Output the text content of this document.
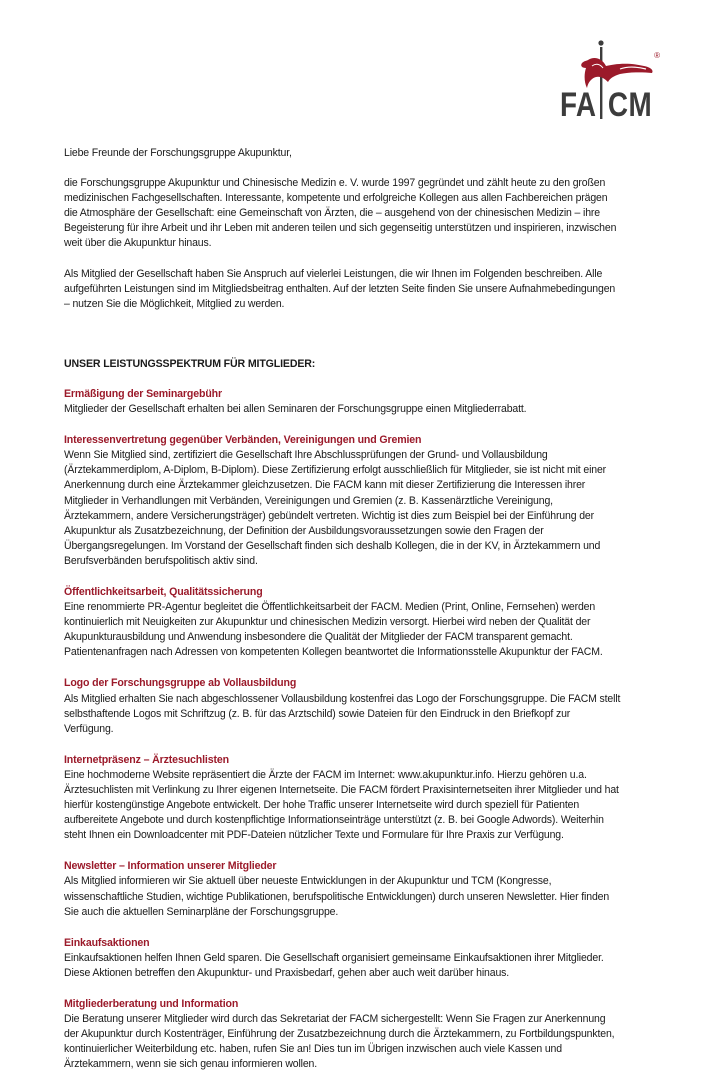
®
FA CM

Liebe Freunde der Forschungsgruppe Akupunktur,

die Forschungsgruppe Akupunktur und Chinesische Medizin e. V. wurde 1997 gegründet und zählt heute zu den großen medizinischen Fachgesellschaften. Interessante, kompetente und erfolgreiche Kollegen aus allen Fachbereichen prägen die Atmosphäre der Gesellschaft: eine Gemeinschaft von Ärzten, die – ausgehend von der chinesischen Medizin – ihre Begeisterung für ihre Arbeit und ihr Leben mit anderen teilen und sich gegenseitig unterstützen und inspirieren, inzwischen weit über die Akupunktur hinaus.

Als Mitglied der Gesellschaft haben Sie Anspruch auf vielerlei Leistungen, die wir Ihnen im Folgenden beschreiben. Alle aufgeführten Leistungen sind im Mitgliedsbeitrag enthalten. Auf der letzten Seite finden Sie unsere Aufnahmebedingungen – nutzen Sie die Möglichkeit, Mitglied zu werden.

UNSER LEISTUNGSSPEKTRUM FÜR MITGLIEDER:

Ermäßigung der Seminargebühr

Mitglieder der Gesellschaft erhalten bei allen Seminaren der Forschungsgruppe einen Mitgliederrabatt.

Interessenvertretung gegenüber Verbänden, Vereinigungen und Gremien

Wenn Sie Mitglied sind, zertifiziert die Gesellschaft Ihre Abschlussprüfungen der Grund- und Vollausbildung (Ärztekammerdiplom, A-Diplom, B-Diplom). Diese Zertifizierung erfolgt ausschließlich für Mitglieder, sie ist nicht mit einer Anerkennung durch eine Ärztekammer gleichzusetzen. Die FACM kann mit dieser Zertifizierung die Interessen ihrer Mitglieder in Verhandlungen mit Verbänden, Vereinigungen und Gremien (z. B. Kassenärztliche Vereinigung, Ärztekammern, andere Versicherungsträger) gebündelt vertreten. Wichtig ist dies zum Beispiel bei der Einführung der Akupunktur als Zusatzbezeichnung, der Definition der Ausbildungsvoraussetzungen sowie den Fragen der Übergangsregelungen. Im Vorstand der Gesellschaft finden sich deshalb Kollegen, die in der KV, in Ärztekammern und Berufsverbänden berufspolitisch aktiv sind.

Öffentlichkeitsarbeit, Qualitätssicherung

Eine renommierte PR-Agentur begleitet die Öffentlichkeitsarbeit der FACM. Medien (Print, Online, Fernsehen) werden kontinuierlich mit Neuigkeiten zur Akupunktur und chinesischen Medizin versorgt. Hierbei wird neben der Qualität der Akupunkturausbildung und Anwendung insbesondere die Qualität der Mitglieder der FACM transparent gemacht. Patientenanfragen nach Adressen von kompetenten Kollegen beantwortet die Informationsstelle Akupunktur der FACM.

Logo der Forschungsgruppe ab Vollausbildung

Als Mitglied erhalten Sie nach abgeschlossener Vollausbildung kostenfrei das Logo der Forschungsgruppe. Die FACM stellt selbsthaftende Logos mit Schriftzug (z. B. für das Arztschild) sowie Dateien für den Eindruck in den Briefkopf zur Verfügung.

Internetpräsenz – Ärztesuchlisten

Eine hochmoderne Website repräsentiert die Ärzte der FACM im Internet: www.akupunktur.info. Hierzu gehören u.a. Ärztesuchlisten mit Verlinkung zu Ihrer eigenen Internetseite. Die FACM fördert Praxisinternetseiten ihrer Mitglieder und hat hierfür kostengünstige Angebote entwickelt. Der hohe Traffic unserer Internetseite wird durch speziell für Patienten aufbereitete Angebote und durch kostenpflichtige Informationseinträge unterstützt (z. B. bei Google Adwords). Weiterhin steht Ihnen ein Downloadcenter mit PDF-Dateien nützlicher Texte und Formulare für Ihre Praxis zur Verfügung.

Newsletter – Information unserer Mitglieder

Als Mitglied informieren wir Sie aktuell über neueste Entwicklungen in der Akupunktur und TCM (Kongresse, wissenschaftliche Studien, wichtige Publikationen, berufspolitische Entwicklungen) durch unseren Newsletter. Hier finden Sie auch die aktuellen Seminarpläne der Forschungsgruppe.

Einkaufsaktionen

Einkaufsaktionen helfen Ihnen Geld sparen. Die Gesellschaft organisiert gemeinsame Einkaufsaktionen ihrer Mitglieder. Diese Aktionen betreffen den Akupunktur- und Praxisbedarf, gehen aber auch weit darüber hinaus.

Mitgliederberatung und Information

Die Beratung unserer Mitglieder wird durch das Sekretariat der FACM sichergestellt: Wenn Sie Fragen zur Anerkennung der Akupunktur durch Kostenträger, Einführung der Zusatzbezeichnung durch die Ärztekammern, zu Fortbildungspunkten, kontinuierlicher Weiterbildung etc. haben, rufen Sie an! Dies tun im Übrigen inzwischen auch viele Kassen und Ärztekammern, wenn sie sich genau informieren wollen.
